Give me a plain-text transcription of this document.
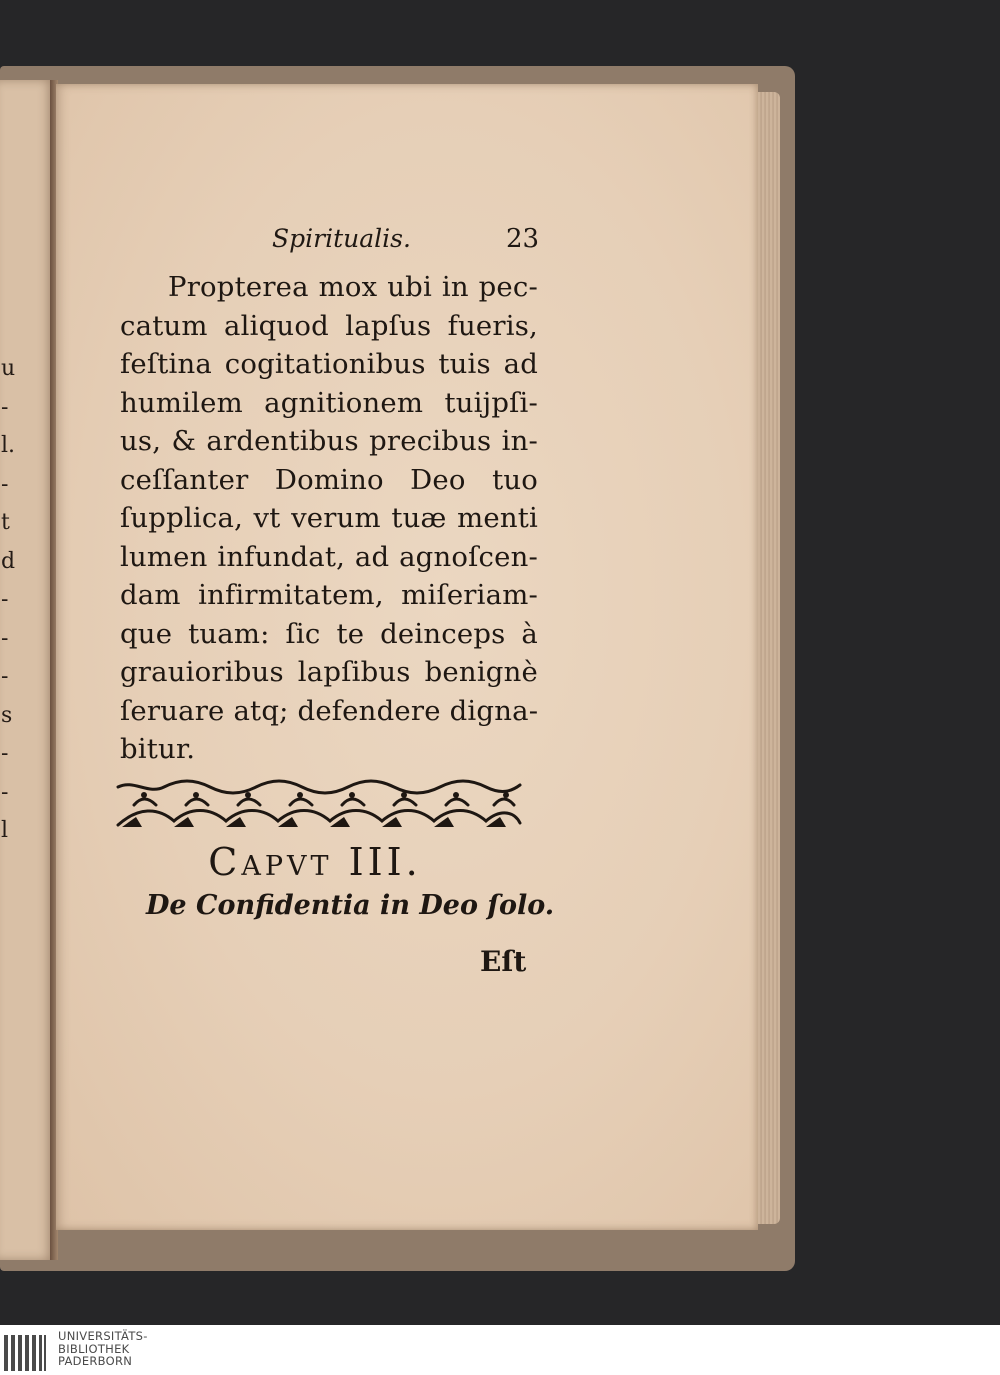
u
-
l.
-
t
d
-
-
-
s
-
-
l
Spiritualis.	23
Propterea mox ubi in pec-
catum aliquod lapſus fueris,
feſtina cogitationibus tuis ad
humilem agnitionem tuijpſi-
us, & ardentibus precibus in-
ceſſanter Domino Deo tuo
ſupplica, vt verum tuæ menti
lumen infundat, ad agnoſcen-
dam infirmitatem, miſeriam-
que tuam: ſic te deinceps à
grauioribus lapſibus benignè
ſeruare atq; defendere digna-
bitur.
Capvt III.
De Confidentia in Deo ſolo.
Eſt
UNIVERSITÄTS-
BIBLIOTHEK
PADERBORN
